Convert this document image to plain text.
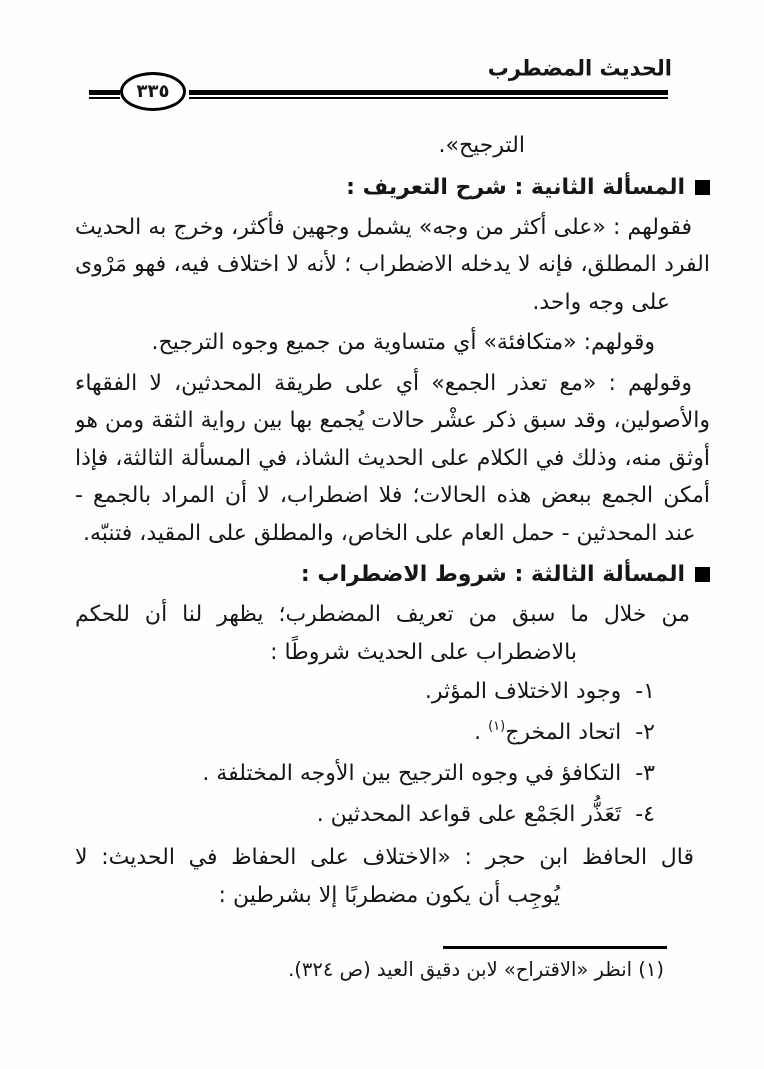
الحديث المضطرب
٣٣٥
الترجيح».
المسألة الثانية : شرح التعريف :
فقولهم : «على أكثر من وجه» يشمل وجهين فأكثر، وخرج به الحديث
الفرد المطلق، فإنه لا يدخله الاضطراب ؛ لأنه لا اختلاف فيه، فهو مَرْوى
على وجه واحد.
وقولهم: «متكافئة» أي متساوية من جميع وجوه الترجيح.
وقولهم : «مع تعذر الجمع» أي على طريقة المحدثين، لا الفقهاء
والأصولين، وقد سبق ذكر عشْر حالات يُجمع بها بين رواية الثقة ومن هو
أوثق منه، وذلك في الكلام على الحديث الشاذ، في المسألة الثالثة، فإذا
أمكن الجمع ببعض هذه الحالات؛ فلا اضطراب، لا أن المراد بالجمع -
عند المحدثين - حمل العام على الخاص، والمطلق على المقيد، فتنبّه.
المسألة الثالثة : شروط الاضطراب :
من خلال ما سبق من تعريف المضطرب؛ يظهر لنا أن للحكم
بالاضطراب على الحديث شروطًا :
١-وجود الاختلاف المؤثر.
٢-اتحاد المخرج$^{(١)}$ .
٣-التكافؤ في وجوه الترجيح بين الأوجه المختلفة .
٤-تَعَذُّر الجَمْع على قواعد المحدثين .
قال الحافظ ابن حجر : «الاختلاف على الحفاظ في الحديث: لا
يُوجِب أن يكون مضطربًا إلا بشرطين :
(١) انظر «الاقتراح» لابن دقيق العيد (ص ٣٢٤).
